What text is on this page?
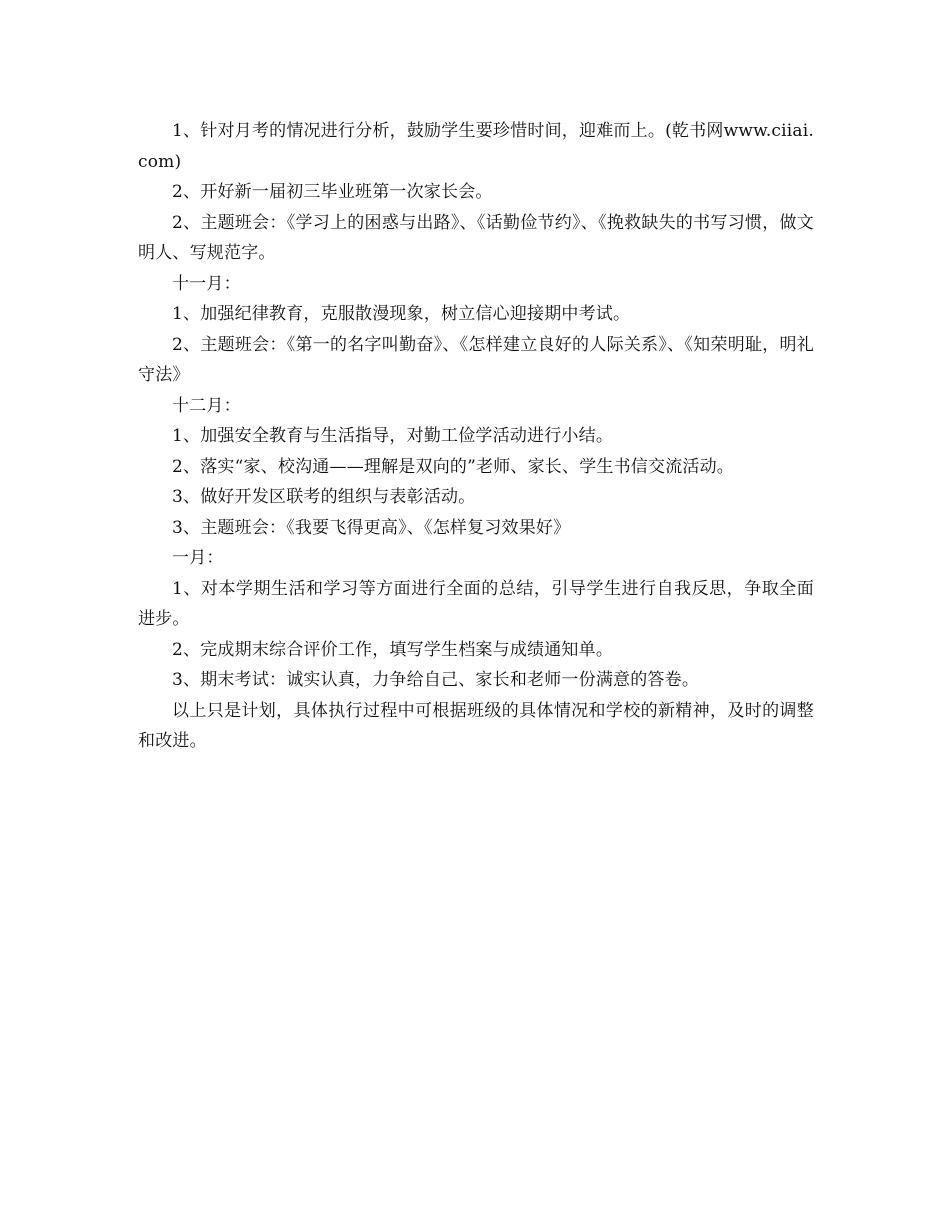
1、针对月考的情况进行分析，鼓励学生要珍惜时间，迎难而上。(乾书网www.ciiai.com)

2、开好新一届初三毕业班第一次家长会。

2、主题班会：《学习上的困惑与出路》、《话勤俭节约》、《挽救缺失的书写习惯，做文明人、写规范字。

十一月：

1、加强纪律教育，克服散漫现象，树立信心迎接期中考试。

2、主题班会：《第一的名字叫勤奋》、《怎样建立良好的人际关系》、《知荣明耻，明礼守法》

十二月：

1、加强安全教育与生活指导，对勤工俭学活动进行小结。

2、落实“家、校沟通——理解是双向的”老师、家长、学生书信交流活动。

3、做好开发区联考的组织与表彰活动。

3、主题班会：《我要飞得更高》、《怎样复习效果好》

一月：

1、对本学期生活和学习等方面进行全面的总结，引导学生进行自我反思，争取全面进步。

2、完成期末综合评价工作，填写学生档案与成绩通知单。

3、期末考试：诚实认真，力争给自己、家长和老师一份满意的答卷。

以上只是计划，具体执行过程中可根据班级的具体情况和学校的新精神，及时的调整和改进。
